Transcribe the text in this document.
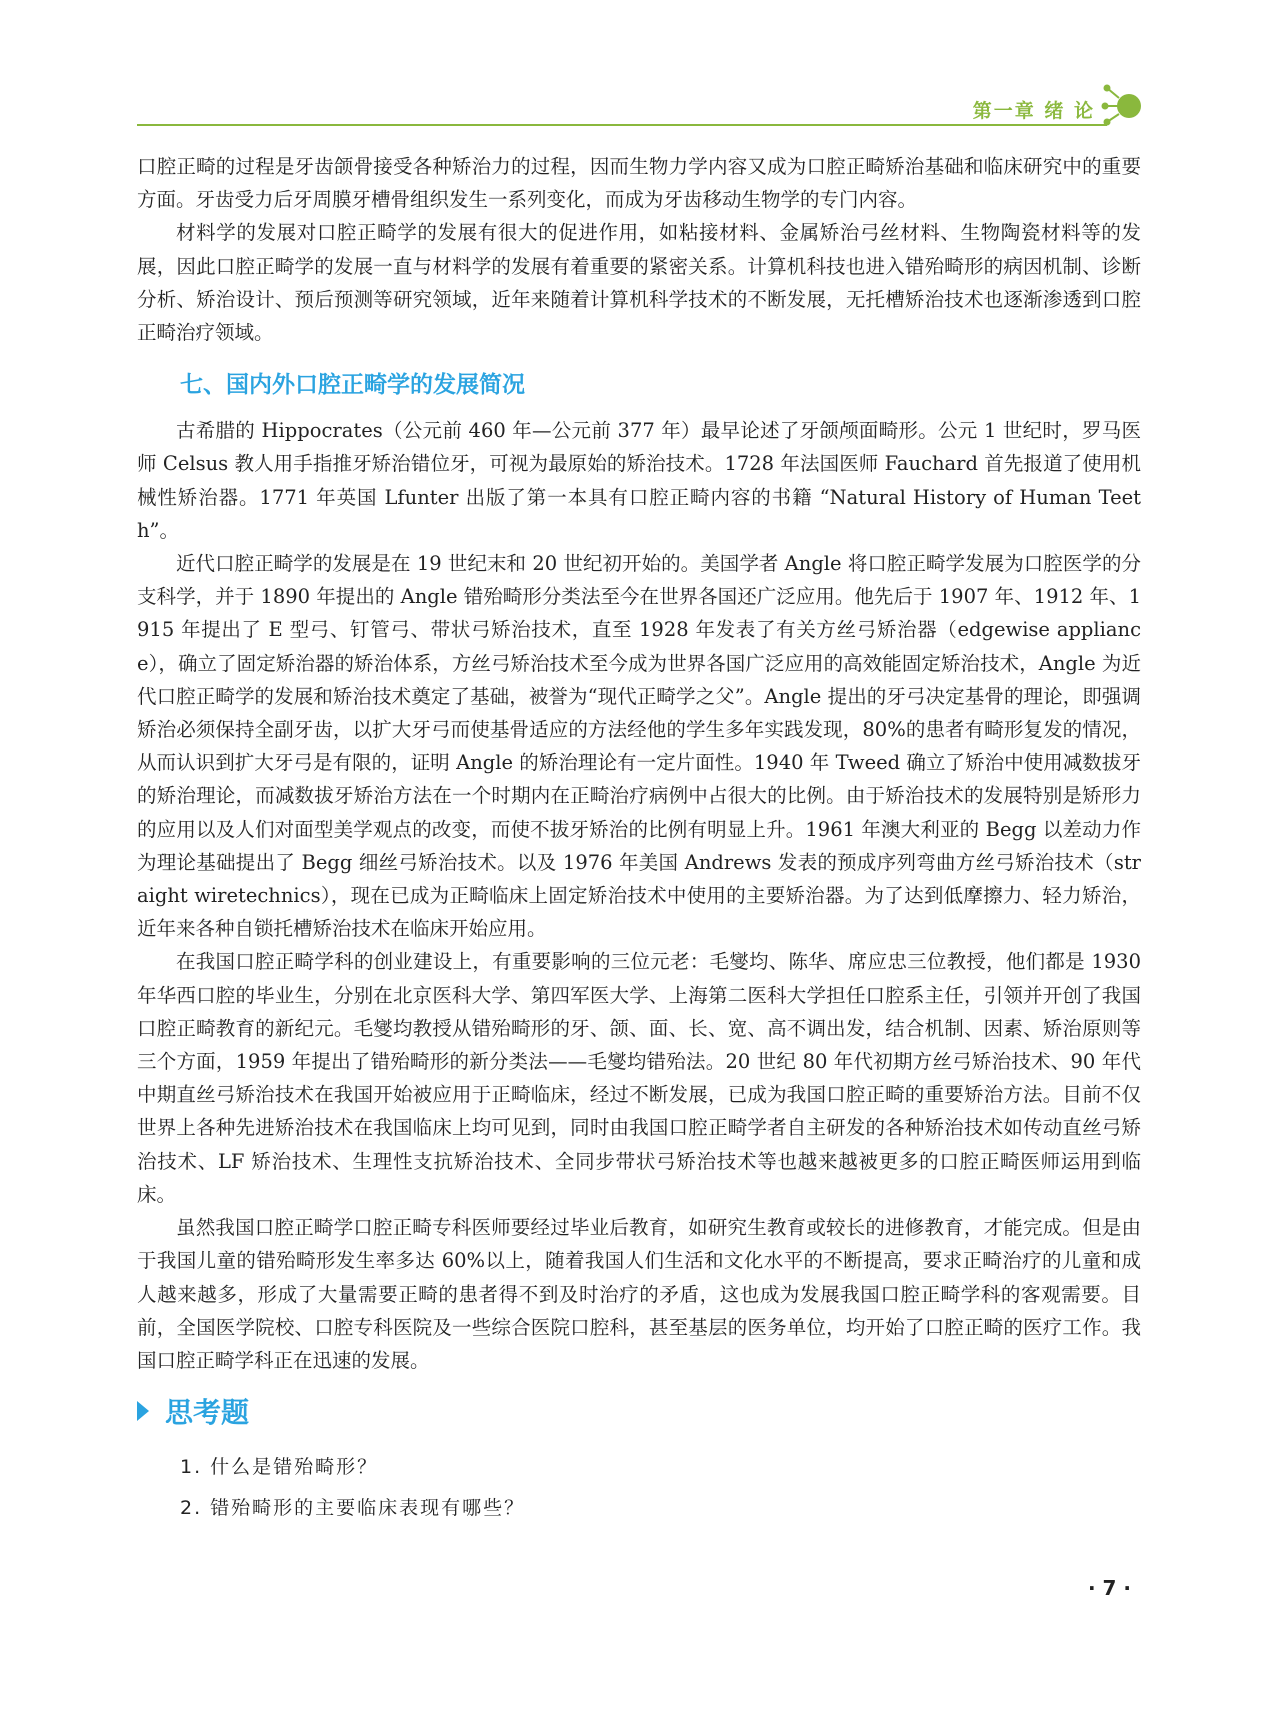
第一章 绪 论

口腔正畸的过程是牙齿颌骨接受各种矫治力的过程，因而生物力学内容又成为口腔正畸矫治基础和临床研究中的重要方面。牙齿受力后牙周膜牙槽骨组织发生一系列变化，而成为牙齿移动生物学的专门内容。

材料学的发展对口腔正畸学的发展有很大的促进作用，如粘接材料、金属矫治弓丝材料、生物陶瓷材料等的发展，因此口腔正畸学的发展一直与材料学的发展有着重要的紧密关系。计算机科技也进入错殆畸形的病因机制、诊断分析、矫治设计、预后预测等研究领域，近年来随着计算机科学技术的不断发展，无托槽矫治技术也逐渐渗透到口腔正畸治疗领域。

七、国内外口腔正畸学的发展简况

古希腊的 Hippocrates（公元前 460 年—公元前 377 年）最早论述了牙颌颅面畸形。公元 1 世纪时，罗马医师 Celsus 教人用手指推牙矫治错位牙，可视为最原始的矫治技术。1728 年法国医师 Fauchard 首先报道了使用机械性矫治器。1771 年英国 Lfunter 出版了第一本具有口腔正畸内容的书籍 “Natural History of Human Teeth”。

近代口腔正畸学的发展是在 19 世纪末和 20 世纪初开始的。美国学者 Angle 将口腔正畸学发展为口腔医学的分支科学，并于 1890 年提出的 Angle 错殆畸形分类法至今在世界各国还广泛应用。他先后于 1907 年、1912 年、1915 年提出了 E 型弓、钉管弓、带状弓矫治技术，直至 1928 年发表了有关方丝弓矫治器（edgewise appliance），确立了固定矫治器的矫治体系，方丝弓矫治技术至今成为世界各国广泛应用的高效能固定矫治技术，Angle 为近代口腔正畸学的发展和矫治技术奠定了基础，被誉为“现代正畸学之父”。Angle 提出的牙弓决定基骨的理论，即强调矫治必须保持全副牙齿，以扩大牙弓而使基骨适应的方法经他的学生多年实践发现，80%的患者有畸形复发的情况，从而认识到扩大牙弓是有限的，证明 Angle 的矫治理论有一定片面性。1940 年 Tweed 确立了矫治中使用减数拔牙的矫治理论，而减数拔牙矫治方法在一个时期内在正畸治疗病例中占很大的比例。由于矫治技术的发展特别是矫形力的应用以及人们对面型美学观点的改变，而使不拔牙矫治的比例有明显上升。1961 年澳大利亚的 Begg 以差动力作为理论基础提出了 Begg 细丝弓矫治技术。以及 1976 年美国 Andrews 发表的预成序列弯曲方丝弓矫治技术（straight wiretechnics），现在已成为正畸临床上固定矫治技术中使用的主要矫治器。为了达到低摩擦力、轻力矫治，近年来各种自锁托槽矫治技术在临床开始应用。

在我国口腔正畸学科的创业建设上，有重要影响的三位元老：毛燮均、陈华、席应忠三位教授，他们都是 1930 年华西口腔的毕业生，分别在北京医科大学、第四军医大学、上海第二医科大学担任口腔系主任，引领并开创了我国口腔正畸教育的新纪元。毛燮均教授从错殆畸形的牙、颌、面、长、宽、高不调出发，结合机制、因素、矫治原则等三个方面，1959 年提出了错殆畸形的新分类法——毛燮均错殆法。20 世纪 80 年代初期方丝弓矫治技术、90 年代中期直丝弓矫治技术在我国开始被应用于正畸临床，经过不断发展，已成为我国口腔正畸的重要矫治方法。目前不仅世界上各种先进矫治技术在我国临床上均可见到，同时由我国口腔正畸学者自主研发的各种矫治技术如传动直丝弓矫治技术、LF 矫治技术、生理性支抗矫治技术、全同步带状弓矫治技术等也越来越被更多的口腔正畸医师运用到临床。

虽然我国口腔正畸学口腔正畸专科医师要经过毕业后教育，如研究生教育或较长的进修教育，才能完成。但是由于我国儿童的错殆畸形发生率多达 60%以上，随着我国人们生活和文化水平的不断提高，要求正畸治疗的儿童和成人越来越多，形成了大量需要正畸的患者得不到及时治疗的矛盾，这也成为发展我国口腔正畸学科的客观需要。目前，全国医学院校、口腔专科医院及一些综合医院口腔科，甚至基层的医务单位，均开始了口腔正畸的医疗工作。我国口腔正畸学科正在迅速的发展。

思考题
1. 什么是错殆畸形？
2. 错殆畸形的主要临床表现有哪些？
· 7 ·
